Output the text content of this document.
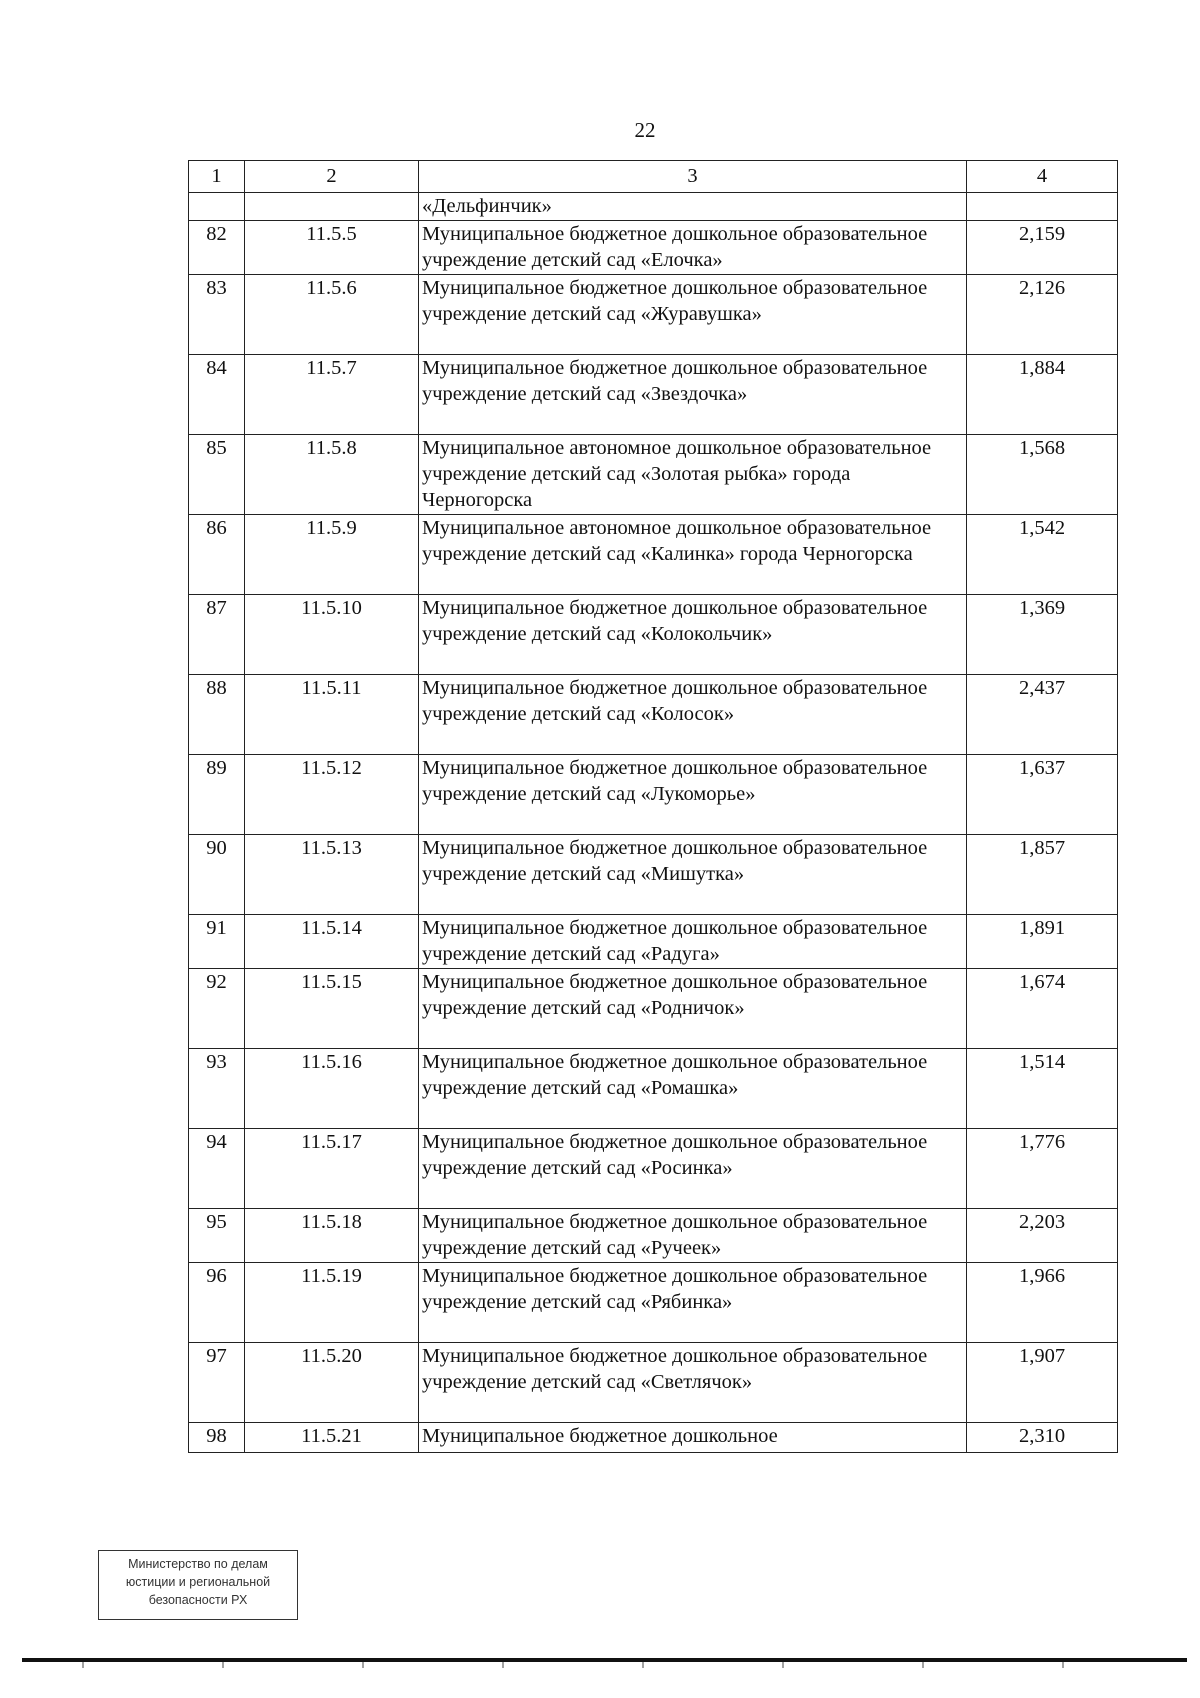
22
1	2	3	4
		«Дельфинчик»	
82	11.5.5	Муниципальное бюджетное дошкольное образовательное учреждение детский сад «Елочка»	2,159
83	11.5.6	Муниципальное бюджетное дошкольное образовательное учреждение детский сад «Журавушка»	2,126
84	11.5.7	Муниципальное бюджетное дошкольное образовательное учреждение детский сад «Звездочка»	1,884
85	11.5.8	Муниципальное автономное дошкольное образовательное учреждение детский сад «Золотая рыбка» города Черногорска	1,568
86	11.5.9	Муниципальное автономное дошкольное образовательное учреждение детский сад «Калинка» города Черногорска	1,542
87	11.5.10	Муниципальное бюджетное дошкольное образовательное учреждение детский сад «Колокольчик»	1,369
88	11.5.11	Муниципальное бюджетное дошкольное образовательное учреждение детский сад «Колосок»	2,437
89	11.5.12	Муниципальное бюджетное дошкольное образовательное учреждение детский сад «Лукоморье»	1,637
90	11.5.13	Муниципальное бюджетное дошкольное образовательное учреждение детский сад «Мишутка»	1,857
91	11.5.14	Муниципальное бюджетное дошкольное образовательное учреждение детский сад «Радуга»	1,891
92	11.5.15	Муниципальное бюджетное дошкольное образовательное учреждение детский сад «Родничок»	1,674
93	11.5.16	Муниципальное бюджетное дошкольное образовательное учреждение детский сад «Ромашка»	1,514
94	11.5.17	Муниципальное бюджетное дошкольное образовательное учреждение детский сад «Росинка»	1,776
95	11.5.18	Муниципальное бюджетное дошкольное образовательное учреждение детский сад «Ручеек»	2,203
96	11.5.19	Муниципальное бюджетное дошкольное образовательное учреждение детский сад «Рябинка»	1,966
97	11.5.20	Муниципальное бюджетное дошкольное образовательное учреждение детский сад «Светлячок»	1,907
98	11.5.21	Муниципальное бюджетное дошкольное	2,310
Министерство по делам
юстиции и региональной
безопасности РХ
